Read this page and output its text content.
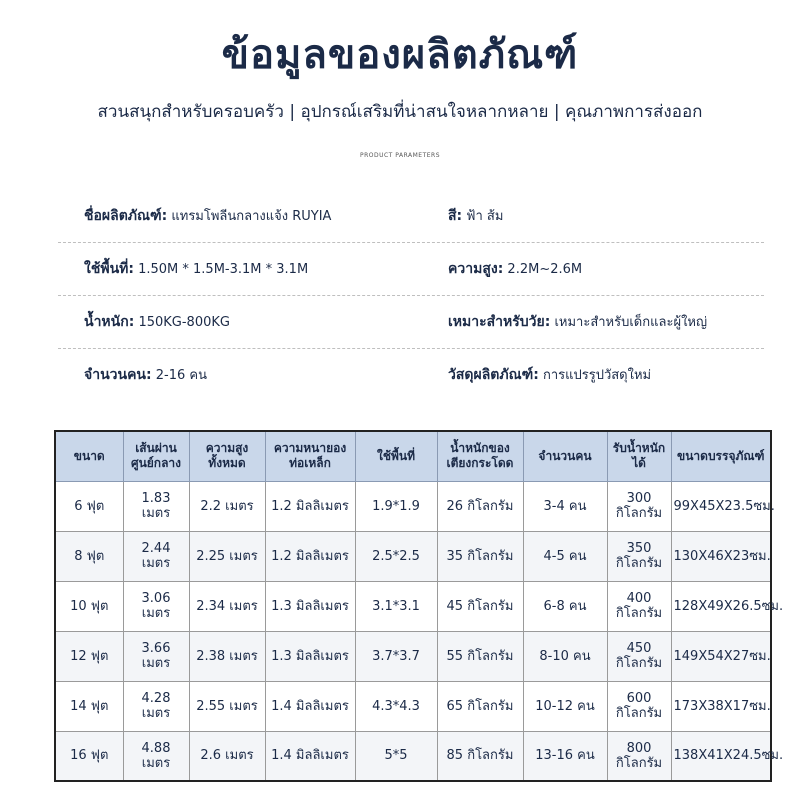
ข้อมูลของผลิตภัณฑ์
สวนสนุกสำหรับครอบครัว | อุปกรณ์เสริมที่น่าสนใจหลากหลาย | คุณภาพการส่งออก
PRODUCT PARAMETERS
ชื่อผลิตภัณฑ์: แทรมโพลีนกลางแจ้ง RUYIA	สี: ฟ้า ส้ม
ใช้พื้นที่: 1.50M * 1.5M-3.1M * 3.1M	ความสูง: 2.2M~2.6M
น้ำหนัก: 150KG-800KG	เหมาะสำหรับวัย: เหมาะสำหรับเด็กและผู้ใหญ่
จำนวนคน: 2-16 คน	วัสดุผลิตภัณฑ์: การแปรรูปวัสดุใหม่
ขนาด	เส้นผ่านศูนย์กลาง	ความสูงทั้งหมด	ความหนายองท่อเหล็ก	ใช้พื้นที่	น้ำหนักของเตียงกระโดด	จำนวนคน	รับน้ำหนักได้	ขนาดบรรจุภัณฑ์
6 ฟุต	1.83 เมตร	2.2 เมตร	1.2 มิลลิเมตร	1.9*1.9	26 กิโลกรัม	3-4 คน	300 กิโลกรัม	99X45X23.5ซม.
8 ฟุต	2.44 เมตร	2.25 เมตร	1.2 มิลลิเมตร	2.5*2.5	35 กิโลกรัม	4-5 คน	350 กิโลกรัม	130X46X23ซม.
10 ฟุต	3.06 เมตร	2.34 เมตร	1.3 มิลลิเมตร	3.1*3.1	45 กิโลกรัม	6-8 คน	400 กิโลกรัม	128X49X26.5ซม.
12 ฟุต	3.66 เมตร	2.38 เมตร	1.3 มิลลิเมตร	3.7*3.7	55 กิโลกรัม	8-10 คน	450 กิโลกรัม	149X54X27ซม.
14 ฟุต	4.28 เมตร	2.55 เมตร	1.4 มิลลิเมตร	4.3*4.3	65 กิโลกรัม	10-12 คน	600 กิโลกรัม	173X38X17ซม.
16 ฟุต	4.88 เมตร	2.6 เมตร	1.4 มิลลิเมตร	5*5	85 กิโลกรัม	13-16 คน	800 กิโลกรัม	138X41X24.5ซม.
